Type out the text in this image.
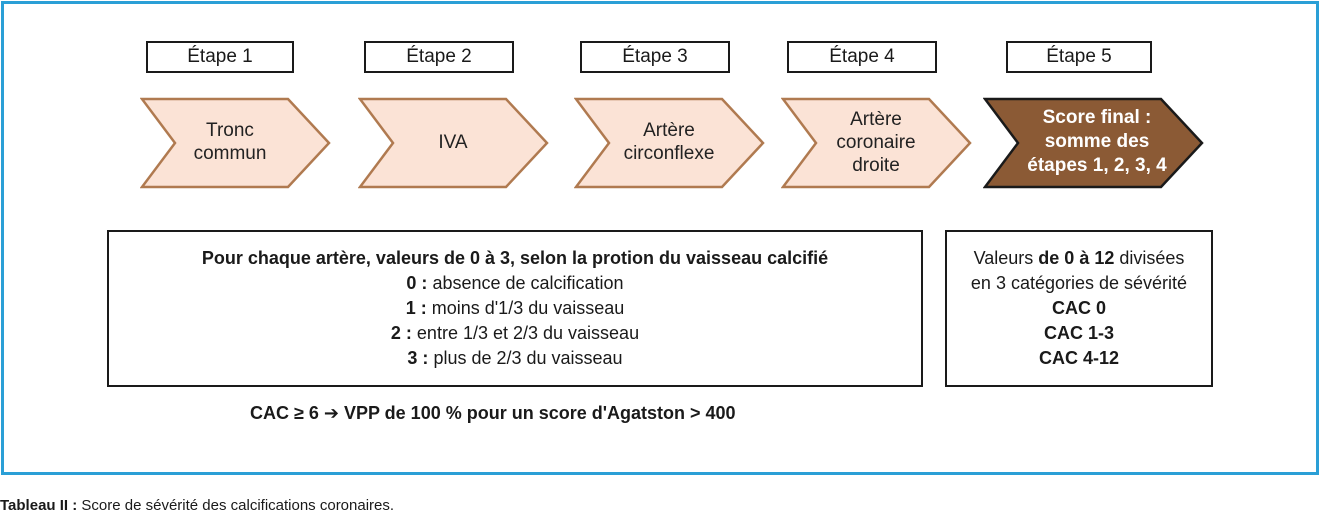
Étape 1	Étape 2	Étape 3	Étape 4	Étape 5
Tronc
commun
IVA
Artère
circonflexe
Artère
coronaire
droite
Score final :
somme des
étapes 1, 2, 3, 4
Pour chaque artère, valeurs de 0 à 3, selon la protion du vaisseau calcifié
0 : absence de calcification
1 : moins d'1/3 du vaisseau
2 : entre 1/3 et 2/3 du vaisseau
3 : plus de 2/3 du vaisseau
Valeurs de 0 à 12 divisées
en 3 catégories de sévérité
CAC 0
CAC 1-3
CAC 4-12
CAC ≥ 6 ➔ VPP de 100 % pour un score d'Agatston > 400
Tableau II : Score de sévérité des calcifications coronaires.
